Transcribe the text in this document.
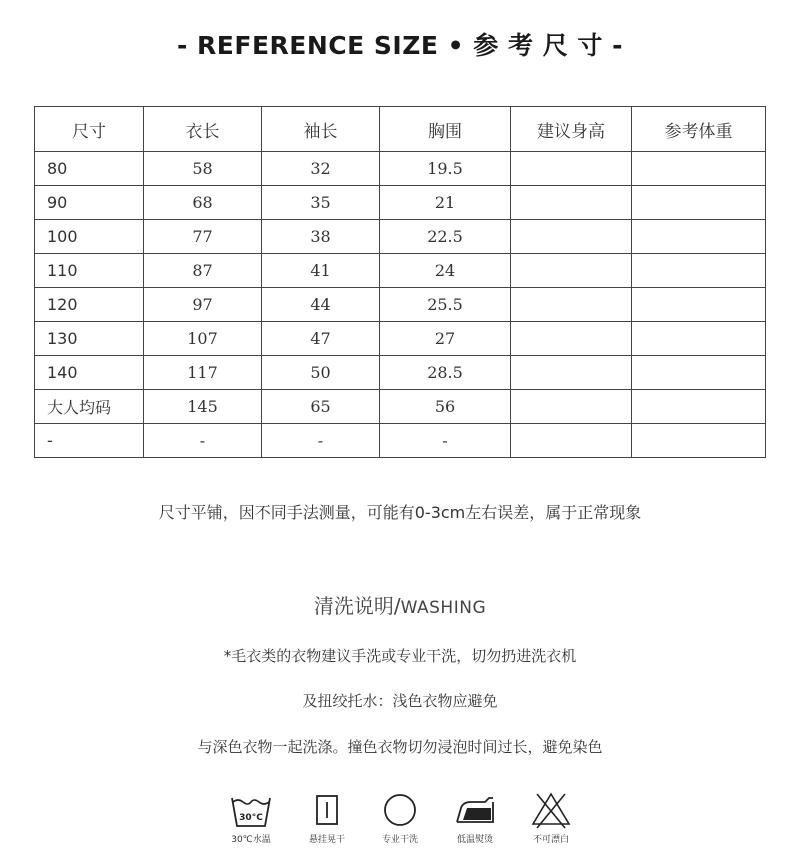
- REFERENCE SIZE • 参 考 尺 寸 -
尺寸	衣长	袖长	胸围	建议身高	参考体重
80	58	32	19.5		
90	68	35	21		
100	77	38	22.5		
110	87	41	24		
120	97	44	25.5		
130	107	47	27		
140	117	50	28.5		
大人均码	145	65	56		
-	-	-	-		
尺寸平铺，因不同手法测量，可能有0-3cm左右误差，属于正常现象
清洗说明/WASHING
*毛衣类的衣物建议手洗或专业干洗，切勿扔进洗衣机
及扭绞托水：浅色衣物应避免
与深色衣物一起洗涤。撞色衣物切勿浸泡时间过长，避免染色
30°C
30℃水温	悬挂晃干	专业干洗	低温熨烫	不可漂白
